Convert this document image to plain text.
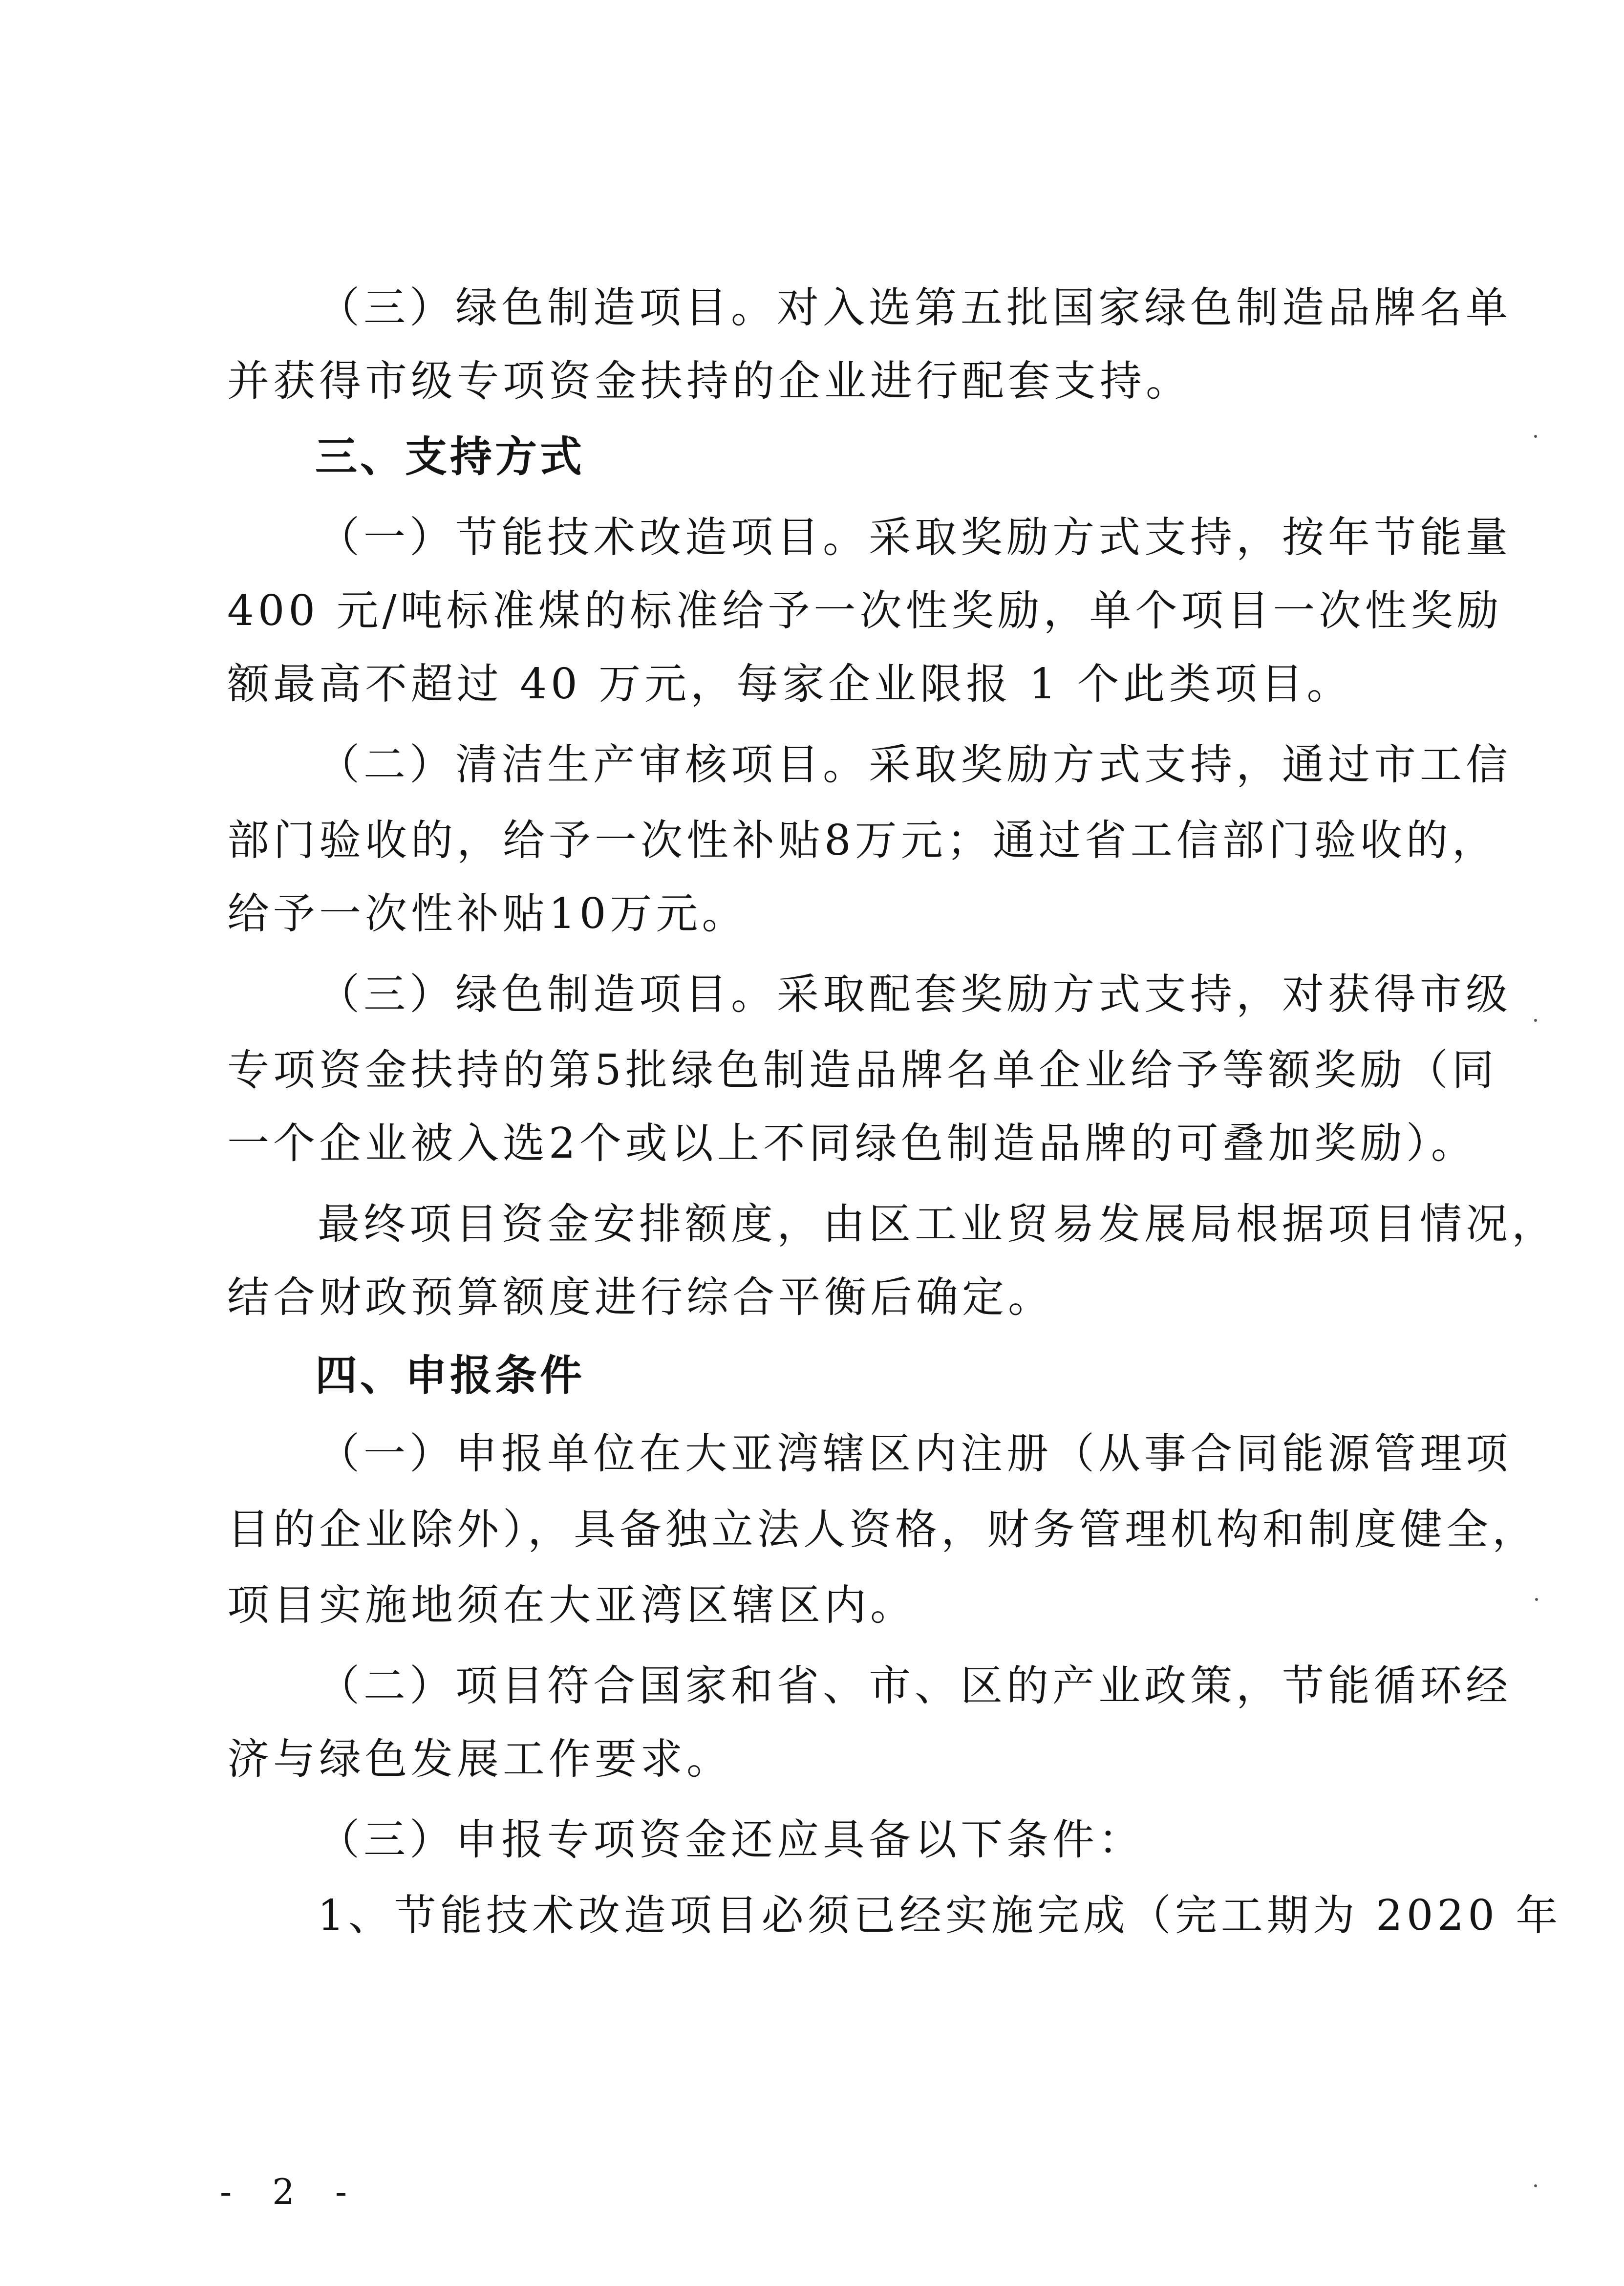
（三）绿色制造项目。对入选第五批国家绿色制造品牌名单
并获得市级专项资金扶持的企业进行配套支持。
三、支持方式
（一）节能技术改造项目。采取奖励方式支持，按年节能量
400 元/吨标准煤的标准给予一次性奖励，单个项目一次性奖励
额最高不超过 40 万元，每家企业限报 1 个此类项目。
（二）清洁生产审核项目。采取奖励方式支持，通过市工信
部门验收的，给予一次性补贴8万元；通过省工信部门验收的，
给予一次性补贴10万元。
（三）绿色制造项目。采取配套奖励方式支持，对获得市级
专项资金扶持的第5批绿色制造品牌名单企业给予等额奖励（同
一个企业被入选2个或以上不同绿色制造品牌的可叠加奖励）。
最终项目资金安排额度，由区工业贸易发展局根据项目情况，
结合财政预算额度进行综合平衡后确定。
四、申报条件
（一）申报单位在大亚湾辖区内注册（从事合同能源管理项
目的企业除外），具备独立法人资格，财务管理机构和制度健全，
项目实施地须在大亚湾区辖区内。
（二）项目符合国家和省、市、区的产业政策，节能循环经
济与绿色发展工作要求。
（三）申报专项资金还应具备以下条件：
1、节能技术改造项目必须已经实施完成（完工期为 2020 年
- 2 -
